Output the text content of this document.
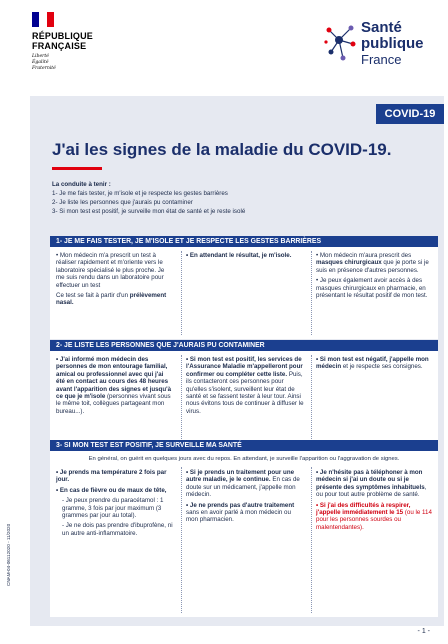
RÉPUBLIQUE
FRANÇAISE
Liberté
Égalité
Fraternité
Santé
publique
France
COVID-19
J'ai les signes de la maladie du COVID-19.
La conduite à tenir :
1- Je me fais tester, je m'isole et je respecte les gestes barrières
2- Je liste les personnes que j'aurais pu contaminer
3- Si mon test est positif, je surveille mon état de santé et je reste isolé
1- JE ME FAIS TESTER, JE M'ISOLE ET JE RESPECTE LES GESTES BARRIÈRES

• Mon médecin m'a prescrit un test à réaliser rapidement et m'oriente vers le laboratoire spécialisé le plus proche. Je me suis rendu dans un laboratoire pour effectuer un test

Ce test se fait à partir d'un prélèvement nasal.

• En attendant le résultat, je m'isole.	• Mon médecin m'aura prescrit des masques chirurgicaux que je porte si je suis en présence d'autres personnes.

• Je peux également avoir accès à des masques chirurgicaux en pharmacie, en présentant le résultat positif de mon test.

2- JE LISTE LES PERSONNES QUE J'AURAIS PU CONTAMINER

• J'ai informé mon médecin des personnes de mon entourage familial, amical ou professionnel avec qui j'ai été en contact au cours des 48 heures avant l'apparition des signes et jusqu'à ce que je m'isole (personnes vivant sous le même toit, collègues partageant mon bureau...).

• Si mon test est positif, les services de l'Assurance Maladie m'appelleront pour confirmer ou compléter cette liste. Puis, ils contacteront ces personnes pour qu'elles s'isolent, surveillent leur état de santé et se fassent tester à leur tour. Ainsi nous évitons tous de continuer à diffuser le virus.

• Si mon test est négatif, j'appelle mon médecin et je respecte ses consignes.

3- SI MON TEST EST POSITIF, JE SURVEILLE MA SANTÉ
En général, on guérit en quelques jours avec du repos. En attendant, je surveille l'apparition ou l'aggravation de signes.

• Je prends ma température 2 fois par jour.

• En cas de fièvre ou de maux de tête,

- Je peux prendre du paracétamol : 1 gramme, 3 fois par jour maximum (3 grammes par jour au total).

- Je ne dois pas prendre d'ibuprofène, ni un autre anti-inflammatoire.

• Si je prends un traitement pour une autre maladie, je le continue. En cas de doute sur un médicament, j'appelle mon médecin.

• Je ne prends pas d'autre traitement sans en avoir parlé à mon médecin ou mon pharmacien.

• Je n'hésite pas à téléphoner à mon médecin si j'ai un doute ou si je présente des symptômes inhabituels, ou pour tout autre problème de santé.

• Si j'ai des difficultés à respirer, j'appelle immédiatement le 15 (ou le 114 pour les personnes sourdes ou malentendantes).

CNAM-04-06112020 - 11/2020
- 1 -
